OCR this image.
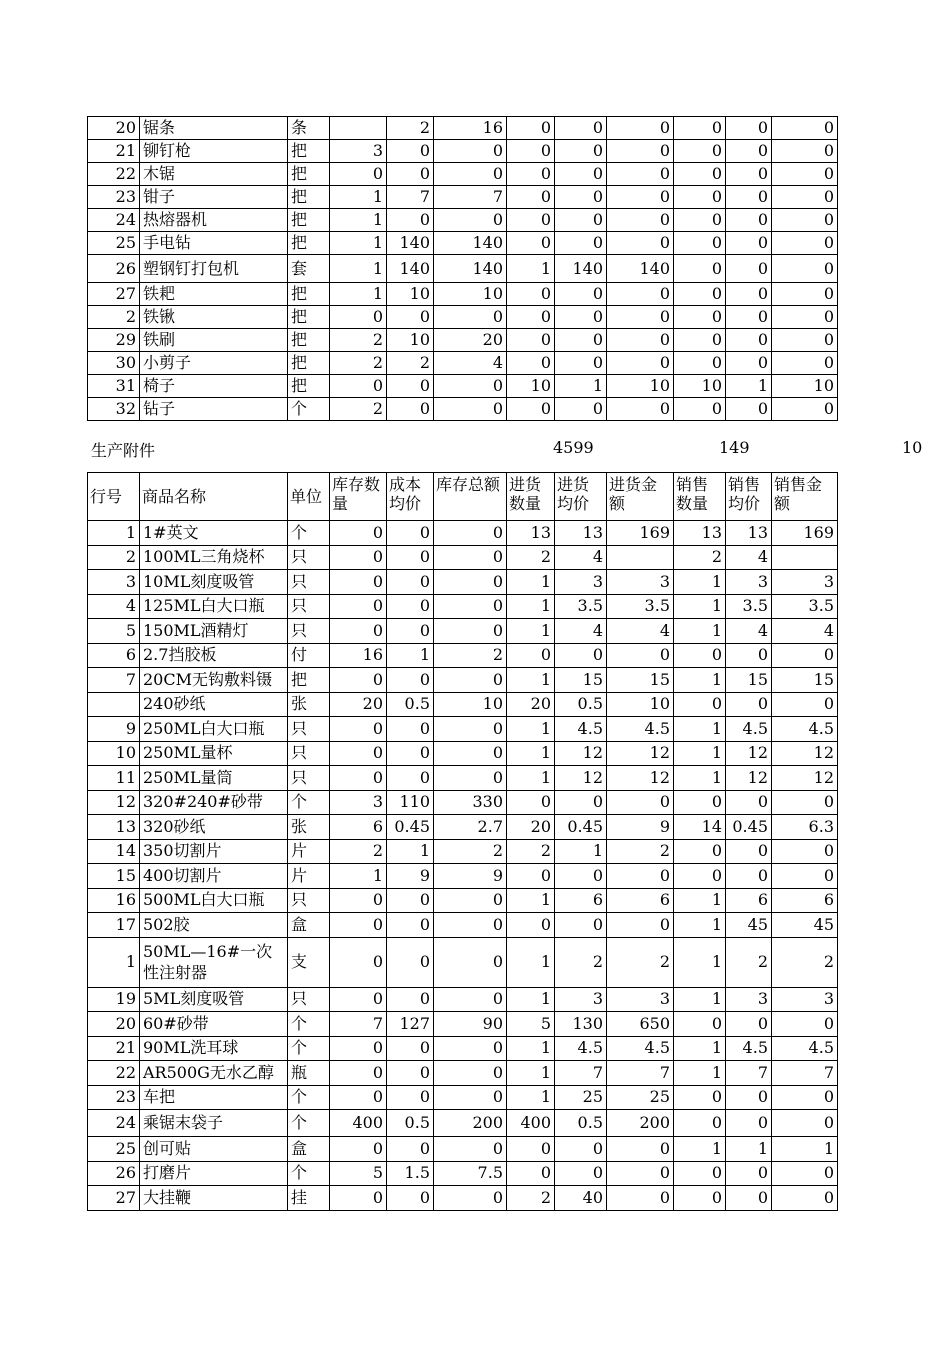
20	锯条	条		2	16	0	0	0	0	0	0
21	铆钉枪	把	3	0	0	0	0	0	0	0	0
22	木锯	把	0	0	0	0	0	0	0	0	0
23	钳子	把	1	7	7	0	0	0	0	0	0
24	热熔器机	把	1	0	0	0	0	0	0	0	0
25	手电钻	把	1	140	140	0	0	0	0	0	0
26	塑钢钉打包机	套	1	140	140	1	140	140	0	0	0
27	铁耙	把	1	10	10	0	0	0	0	0	0
2	铁锹	把	0	0	0	0	0	0	0	0	0
29	铁刷	把	2	10	20	0	0	0	0	0	0
30	小剪子	把	2	2	4	0	0	0	0	0	0
31	椅子	把	0	0	0	10	1	10	10	1	10
32	钻子	个	2	0	0	0	0	0	0	0	0
生产附件	4599	149	10
行号	商品名称	单位	库存数量	成本均价	库存总额	进货数量	进货均价	进货金额	销售数量	销售均价	销售金额
1	1#英文	个	0	0	0	13	13	169	13	13	169
2	100ML三角烧杯	只	0	0	0	2	4		2	4	
3	10ML刻度吸管	只	0	0	0	1	3	3	1	3	3
4	125ML白大口瓶	只	0	0	0	1	3.5	3.5	1	3.5	3.5
5	150ML酒精灯	只	0	0	0	1	4	4	1	4	4
6	2.7挡胶板	付	16	1	2	0	0	0	0	0	0
7	20CM无钩敷料镊	把	0	0	0	1	15	15	1	15	15
	240砂纸	张	20	0.5	10	20	0.5	10	0	0	0
9	250ML白大口瓶	只	0	0	0	1	4.5	4.5	1	4.5	4.5
10	250ML量杯	只	0	0	0	1	12	12	1	12	12
11	250ML量筒	只	0	0	0	1	12	12	1	12	12
12	320#240#砂带	个	3	110	330	0	0	0	0	0	0
13	320砂纸	张	6	0.45	2.7	20	0.45	9	14	0.45	6.3
14	350切割片	片	2	1	2	2	1	2	0	0	0
15	400切割片	片	1	9	9	0	0	0	0	0	0
16	500ML白大口瓶	只	0	0	0	1	6	6	1	6	6
17	502胶	盒	0	0	0	0	0	0	1	45	45
1	50ML—16#一次性注射器	支	0	0	0	1	2	2	1	2	2
19	5ML刻度吸管	只	0	0	0	1	3	3	1	3	3
20	60#砂带	个	7	127	90	5	130	650	0	0	0
21	90ML洗耳球	个	0	0	0	1	4.5	4.5	1	4.5	4.5
22	AR500G无水乙醇	瓶	0	0	0	1	7	7	1	7	7
23	车把	个	0	0	0	1	25	25	0	0	0
24	乘锯末袋子	个	400	0.5	200	400	0.5	200	0	0	0
25	创可贴	盒	0	0	0	0	0	0	1	1	1
26	打磨片	个	5	1.5	7.5	0	0	0	0	0	0
27	大挂鞭	挂	0	0	0	2	40	0	0	0	0
